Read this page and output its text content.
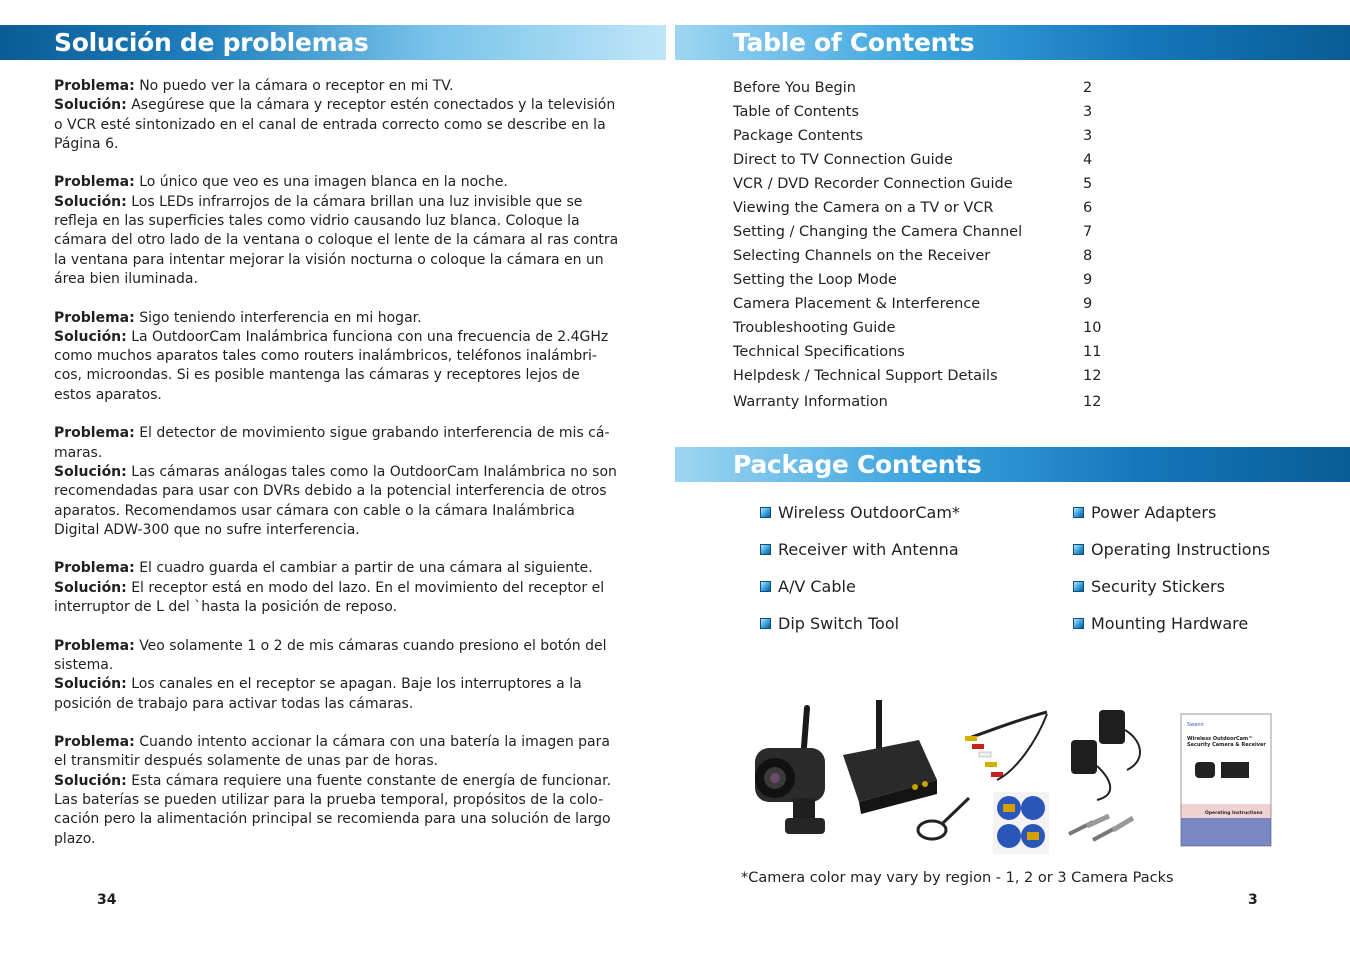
Solución de problemas

Problema: No puedo ver la cámara o receptor en mi TV.

Solución: Asegúrese que la cámara y receptor estén conectados y la televisión o VCR esté sintonizado en el canal de entrada correcto como se describe en la Página 6.

Problema: Lo único que veo es una imagen blanca en la noche.

Solución: Los LEDs infrarrojos de la cámara brillan una luz invisible que se refleja en las superficies tales como vidrio causando luz blanca. Coloque la cámara del otro lado de la ventana o coloque el lente de la cámara al ras contra la ventana para intentar mejorar la visión nocturna o coloque la cámara en un área bien iluminada.

Problema: Sigo teniendo interferencia en mi hogar.

Solución: La OutdoorCam Inalámbrica funciona con una frecuencia de 2.4GHz como muchos aparatos tales como routers inalámbricos, teléfonos inalámbri-cos, microondas. Si es posible mantenga las cámaras y receptores lejos de estos aparatos.

Problema: El detector de movimiento sigue grabando interferencia de mis cá-maras.

Solución: Las cámaras análogas tales como la OutdoorCam Inalámbrica no son recomendadas para usar con DVRs debido a la potencial interferencia de otros aparatos. Recomendamos usar cámara con cable o la cámara Inalámbrica Digital ADW-300 que no sufre interferencia.

Problema: El cuadro guarda el cambiar a partir de una cámara al siguiente.

Solución: El receptor está en modo del lazo. En el movimiento del receptor el interruptor de L del `hasta la posición de reposo.

Problema: Veo solamente 1 o 2 de mis cámaras cuando presiono el botón del sistema.

Solución: Los canales en el receptor se apagan. Baje los interruptores a la posición de trabajo para activar todas las cámaras.

Problema: Cuando intento accionar la cámara con una batería la imagen para el transmitir después solamente de unas par de horas.

Solución: Esta cámara requiere una fuente constante de energía de funcionar. Las baterías se pueden utilizar para la prueba temporal, propósitos de la colo-cación pero la alimentación principal se recomienda para una solución de largo plazo.

34
Table of Contents
Before You Begin	2
Table of Contents	3
Package Contents	3
Direct to TV Connection Guide	4
VCR / DVD Recorder Connection Guide	5
Viewing the Camera on a TV or VCR	6
Setting / Changing the Camera Channel	7
Selecting Channels on the Receiver	8
Setting the Loop Mode	9
Camera Placement & Interference	9
Troubleshooting Guide	10
Technical Specifications	11
Helpdesk / Technical Support Details	12
Warranty Information	12
Package Contents
Wireless OutdoorCam*
Receiver with Antenna
A/V Cable
Dip Switch Tool
Power Adapters
Operating Instructions
Security Stickers
Mounting Hardware
Swann
Wireless OutdoorCam™
Security Camera & Receiver
Operating Instructions
*Camera color may vary by region - 1, 2 or 3 Camera Packs
3
